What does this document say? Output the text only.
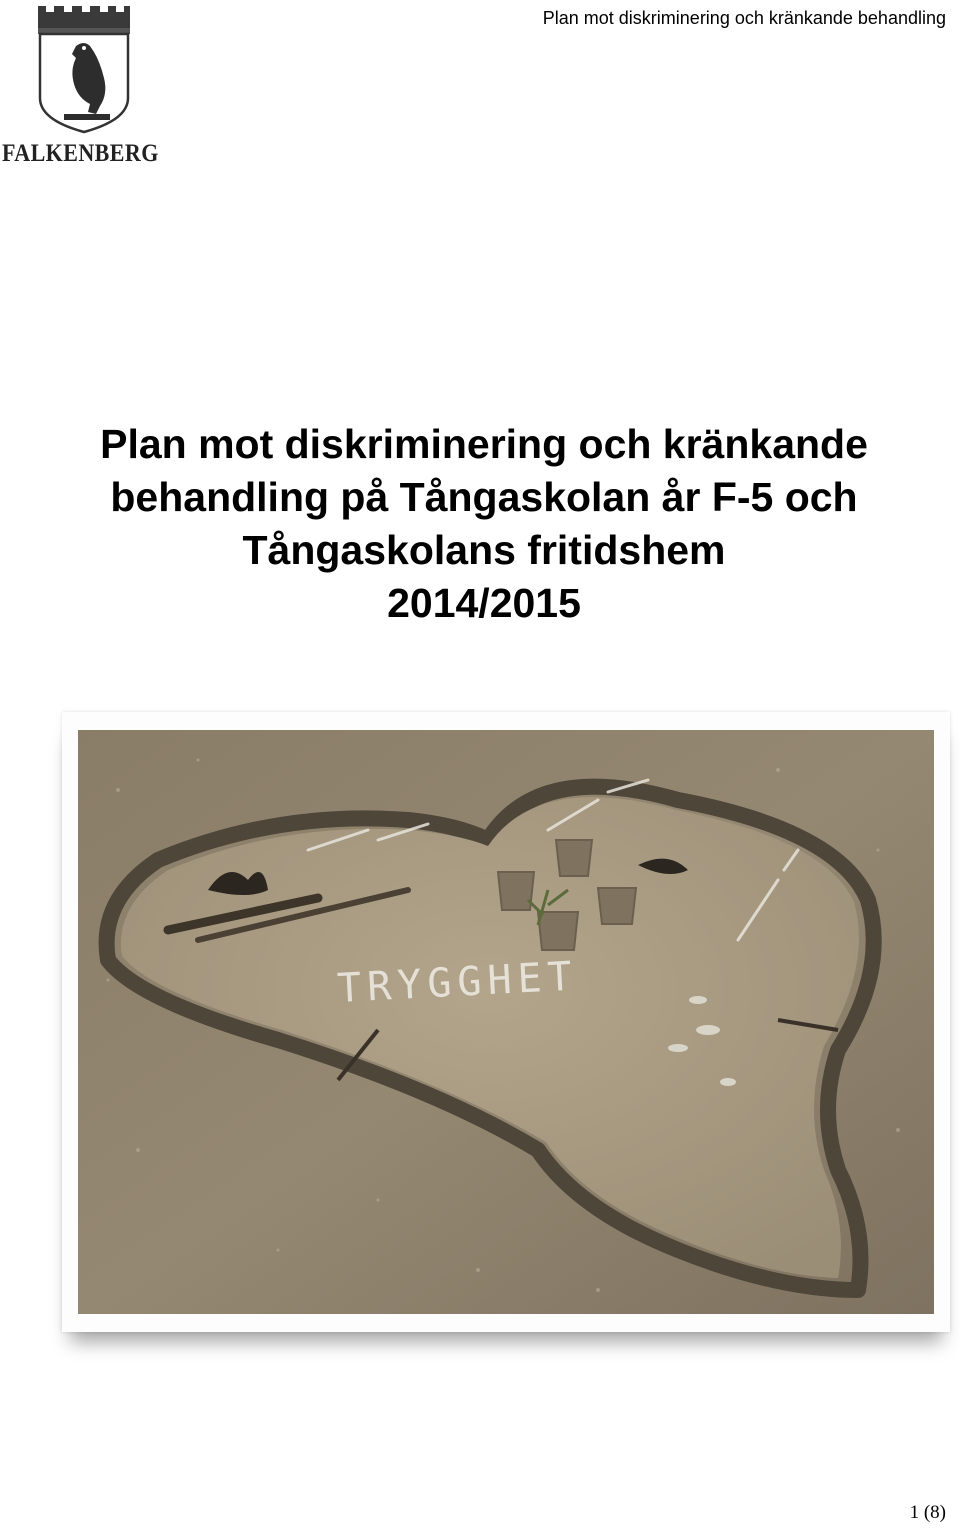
FALKENBERG
Plan mot diskriminering och kränkande behandling
Plan mot diskriminering och kränkande
behandling på Tångaskolan år F-5 och
Tångaskolans fritidshem
2014/2015
TRYGGHET
1 (8)
